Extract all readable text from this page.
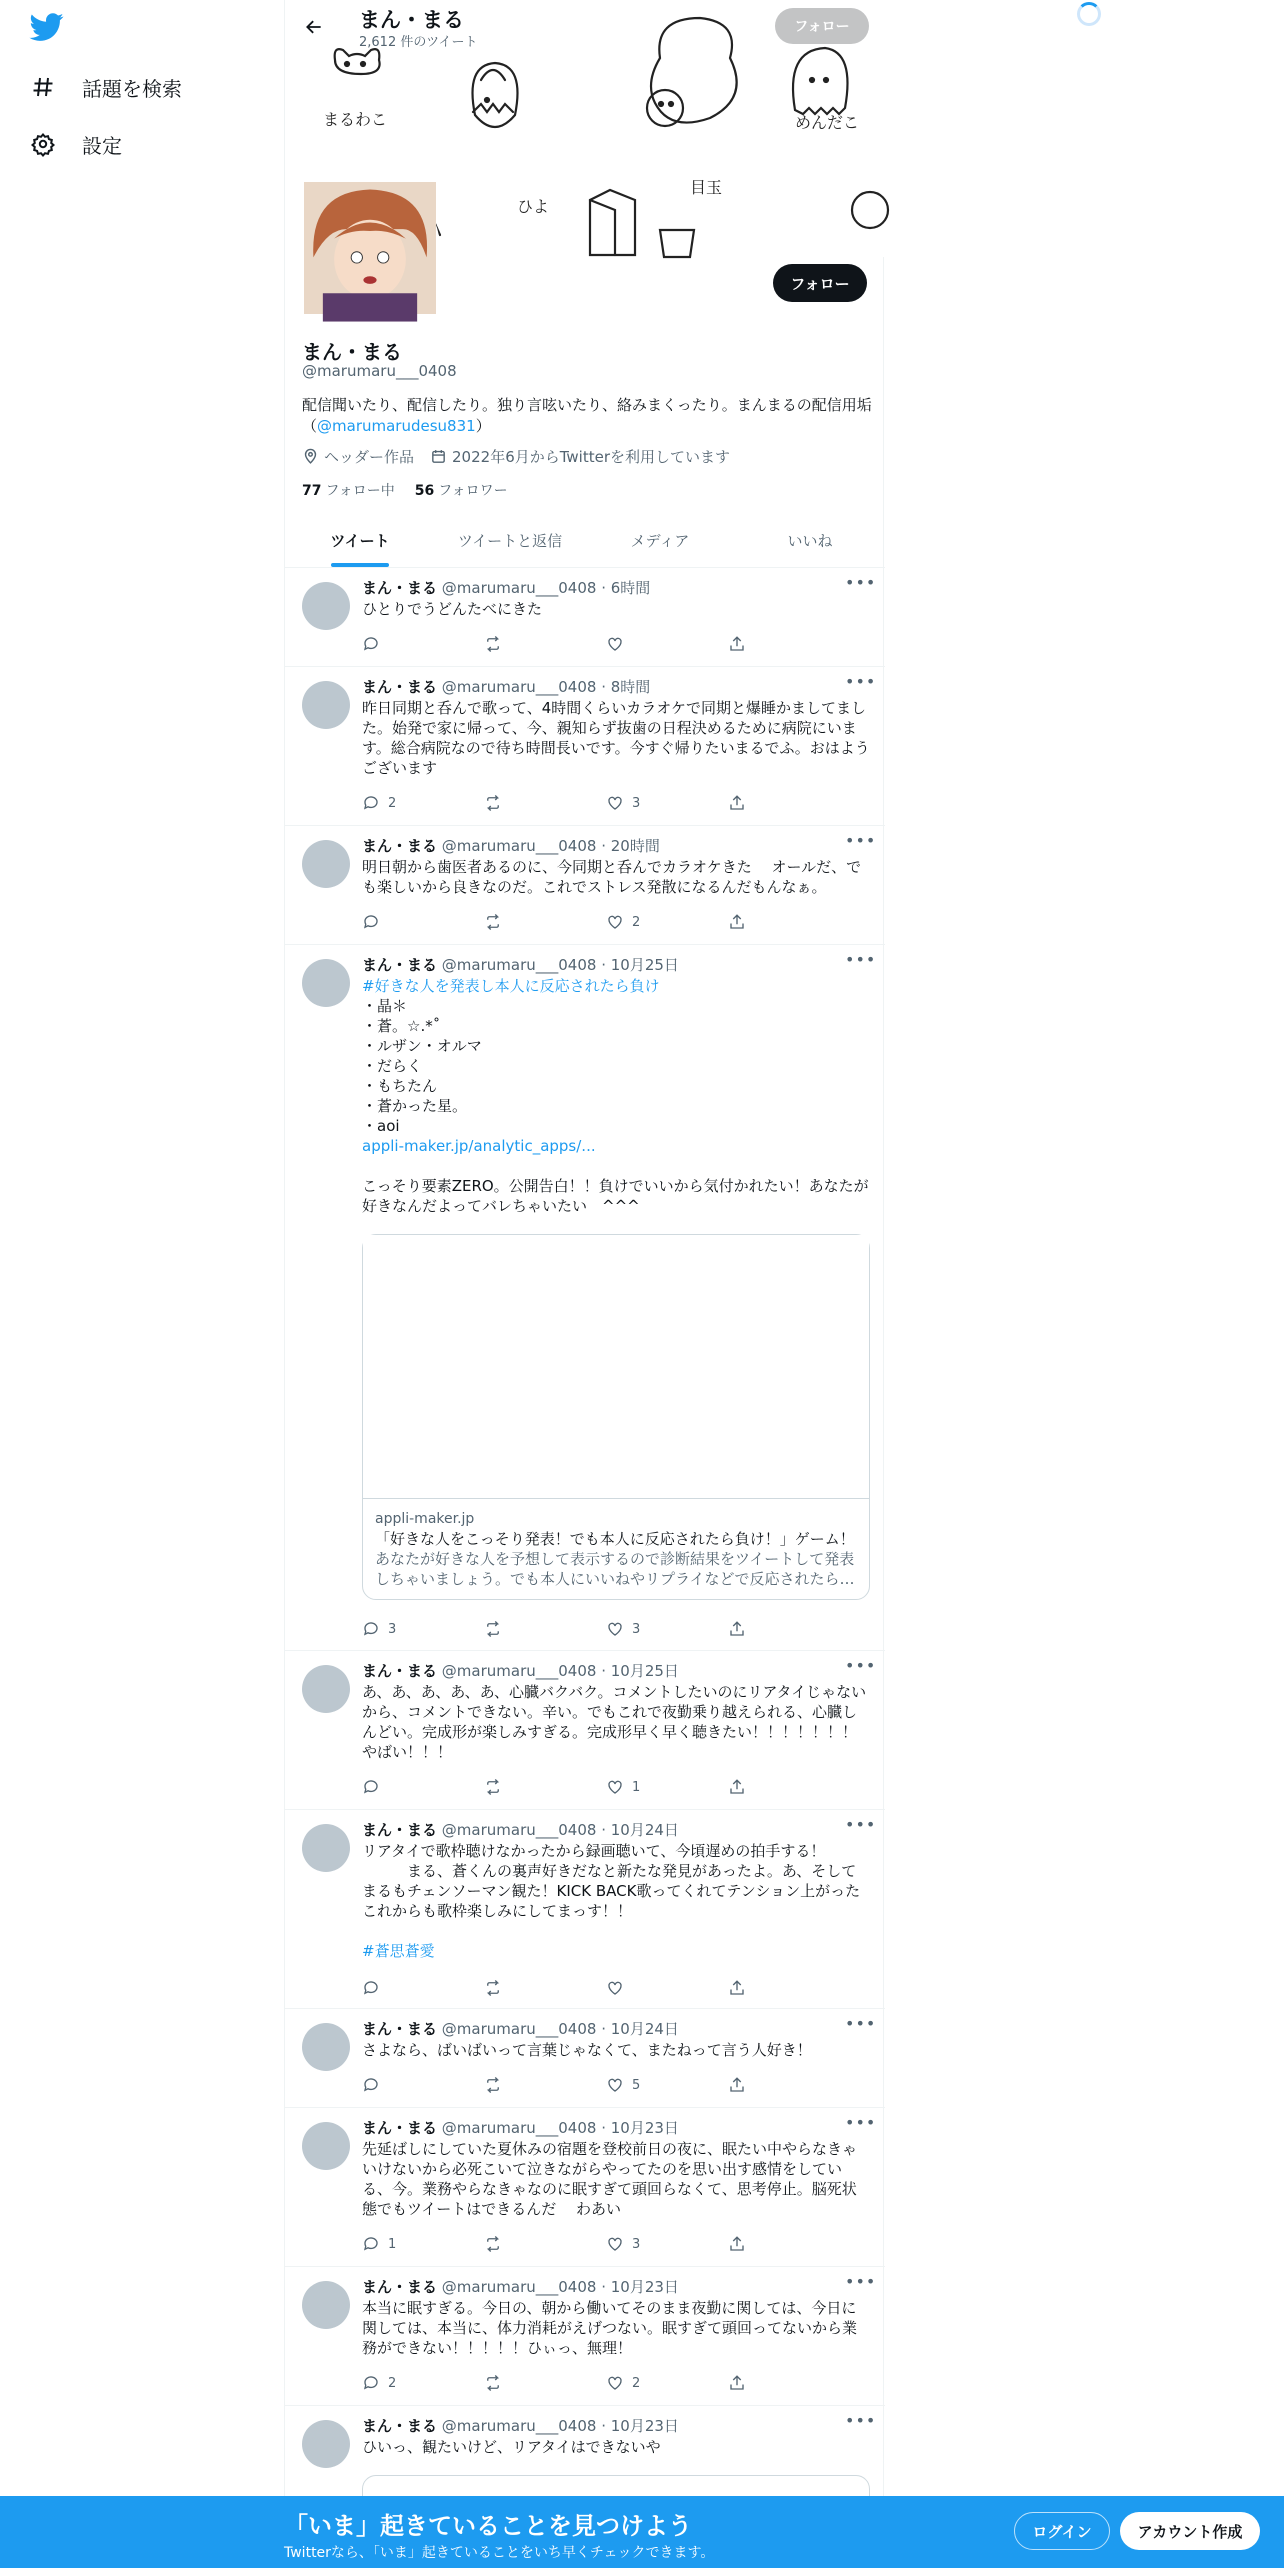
話題を検索
設定
まるわこ
ひよ
目玉
めんだこ
まん・まる
2,612 件のツイート
フォロー
フォロー
まん・まる
@marumaru___0408
配信聞いたり、配信したり。独り言呟いたり、絡みまくったり。まんまるの配信用垢（@marumarudesu831）
ヘッダー作品	2022年6月からTwitterを利用しています
77 フォロー中 56 フォロワー
ツイート	ツイートと返信	メディア	いいね
まん・まる @marumaru___0408 · 6時間	•••
ひとりでうどんたべにきた
まん・まる @marumaru___0408 · 8時間	•••
昨日同期と呑んで歌って、4時間くらいカラオケで同期と爆睡かましてました。始発で家に帰って、今、親知らず抜歯の日程決めるために病院にいます。総合病院なので待ち時間長いです。今すぐ帰りたいまるでふ。おはようございます
2	3
まん・まる @marumaru___0408 · 20時間	•••
明日朝から歯医者あるのに、今同期と呑んでカラオケきた　 オールだ、でも楽しいから良きなのだ。これでストレス発散になるんだもんなぁ。
2
まん・まる @marumaru___0408 · 10月25日	•••
#好きな人を発表し本人に反応されたら負け
・晶＊
・蒼。☆.*˚
・ルザン・オルマ
・だらく
・もちたん
・蒼かった星。
・aoi
appli-maker.jp/analytic_apps/...

こっそり要素ZERO。公開告白！！負けでいいから気付かれたい！あなたが好きなんだよってバレちゃいたい　^^^
appli-maker.jp
「好きな人をこっそり発表！でも本人に反応されたら負け！」ゲーム！
あなたが好きな人を予想して表示するので診断結果をツイートして発表しちゃいましょう。でも本人にいいねやリプライなどで反応されたら…
3	3
まん・まる @marumaru___0408 · 10月25日	•••
あ、あ、あ、あ、あ、心臓バクバク。コメントしたいのにリアタイじゃないから、コメントできない。辛い。でもこれで夜勤乗り越えられる、心臓しんどい。完成形が楽しみすぎる。完成形早く早く聴きたい！！！！！！！やばい！！！
1
まん・まる @marumaru___0408 · 10月24日	•••
リアタイで歌枠聴けなかったから録画聴いて、今頃遅めの拍手する！
　　　まる、蒼くんの裏声好きだなと新たな発見があったよ。あ、そしてまるもチェンソーマン観た！KICK BACK歌ってくれてテンション上がった　　 これからも歌枠楽しみにしてまっす！！

#蒼思蒼愛
まん・まる @marumaru___0408 · 10月24日	•••
さよなら、ばいばいって言葉じゃなくて、またねって言う人好き！
5
まん・まる @marumaru___0408 · 10月23日	•••
先延ばしにしていた夏休みの宿題を登校前日の夜に、眠たい中やらなきゃいけないから必死こいて泣きながらやってたのを思い出す感情をしている、今。業務やらなきゃなのに眠すぎて頭回らなくて、思考停止。脳死状態でもツイートはできるんだ　 わあい
1	3
まん・まる @marumaru___0408 · 10月23日	•••
本当に眠すぎる。今日の、朝から働いてそのまま夜勤に関しては、今日に関しては、本当に、体力消耗がえげつない。眠すぎて頭回ってないから業務ができない！！！！！ひぃっ、無理！
2	2
まん・まる @marumaru___0408 · 10月23日	•••
ひいっ、観たいけど、リアタイはできないや
「いま」起きていることを見つけよう
Twitterなら、「いま」起きていることをいち早くチェックできます。
ログイン	アカウント作成
